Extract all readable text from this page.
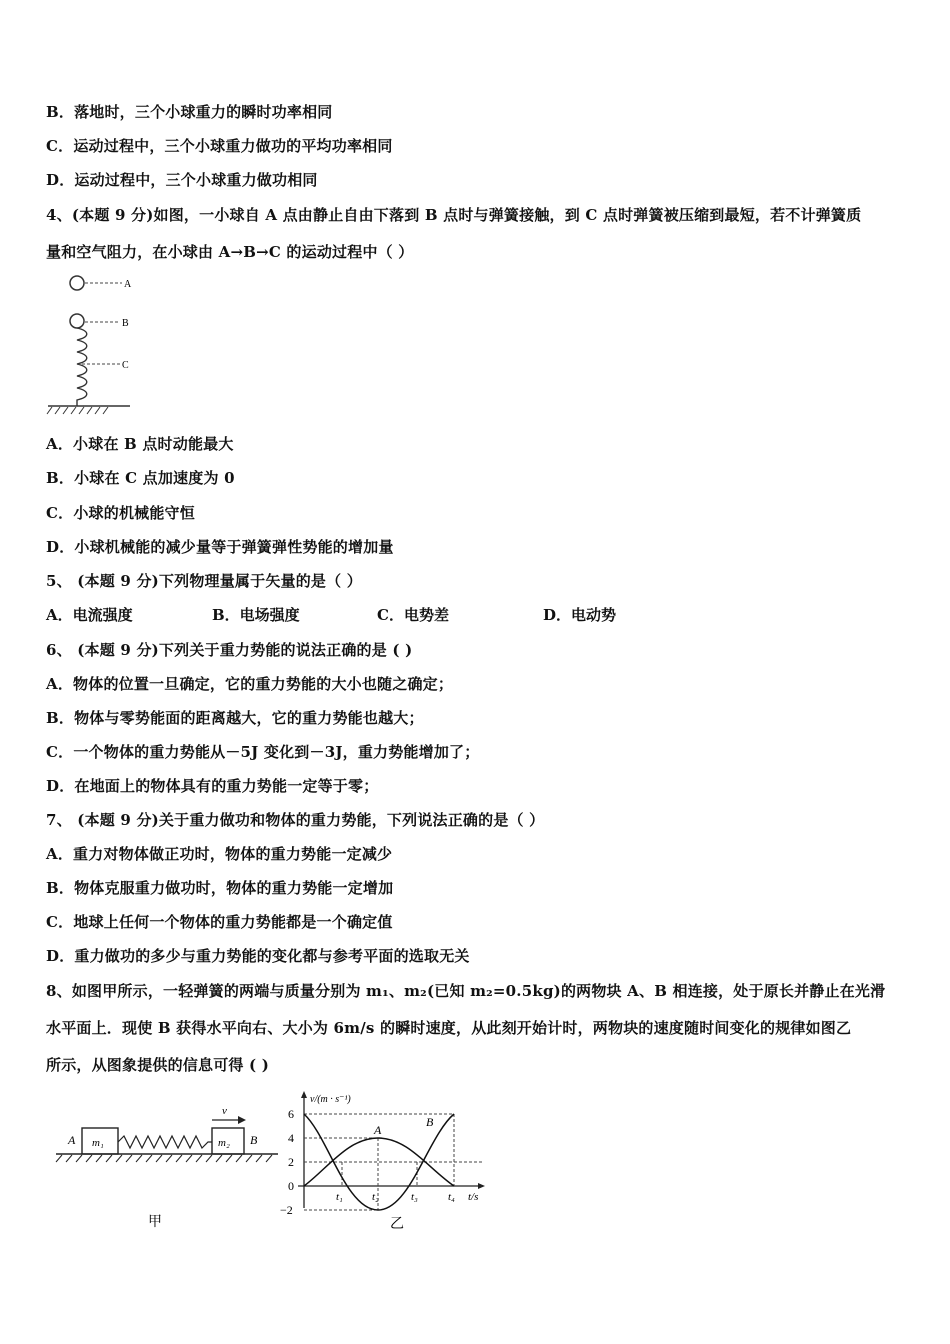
B．落地时，三个小球重力的瞬时功率相同
C．运动过程中，三个小球重力做功的平均功率相同
D．运动过程中，三个小球重力做功相同
4、(本题 9 分)如图，一小球自 A 点由静止自由下落到 B 点时与弹簧接触，到 C 点时弹簧被压缩到最短，若不计弹簧质
量和空气阻力，在小球由 A→B→C 的运动过程中（ ）
A
B
C
A．小球在 B 点时动能最大
B．小球在 C 点加速度为 0
C．小球的机械能守恒
D．小球机械能的减少量等于弹簧弹性势能的增加量
5、 (本题 9 分)下列物理量属于矢量的是（ ）
A．电流强度	B．电场强度	C．电势差	D．电动势
6、 (本题 9 分)下列关于重力势能的说法正确的是 ( )
A．物体的位置一旦确定，它的重力势能的大小也随之确定；
B．物体与零势能面的距离越大，它的重力势能也越大；
C．一个物体的重力势能从－5J 变化到－3J，重力势能增加了；
D．在地面上的物体具有的重力势能一定等于零；
7、 (本题 9 分)关于重力做功和物体的重力势能，下列说法正确的是（ ）
A．重力对物体做正功时，物体的重力势能一定减少
B．物体克服重力做功时，物体的重力势能一定增加
C．地球上任何一个物体的重力势能都是一个确定值
D．重力做功的多少与重力势能的变化都与参考平面的选取无关
8、如图甲所示，一轻弹簧的两端与质量分别为 m₁、m₂(已知 m₂=0.5kg)的两物块 A、B 相连接，处于原长并静止在光滑
水平面上．现使 B 获得水平向右、大小为 6m/s 的瞬时速度，从此刻开始计时，两物块的速度随时间变化的规律如图乙
所示，从图象提供的信息可得 ( )
A m₁	m₂ B
v
甲
v/(m · s⁻¹)
t/s
6
4
2
0
−2
t₁	t₂	t₃	t₄
A
B
乙
